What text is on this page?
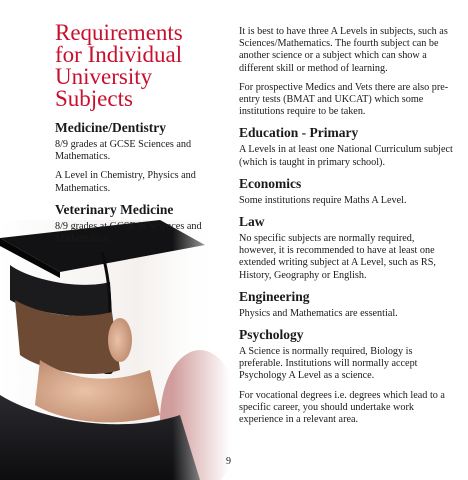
Requirements
for Individual
University
Subjects
Medicine/Dentistry

8/9 grades at GCSE Sciences and Mathematics.

A Level in Chemistry, Physics and Mathematics.

Veterinary Medicine

8/9 grades at GCSE in Sciences and Mathematics.

It is best to have three A Levels in subjects, such as Sciences/Mathematics. The fourth subject can be another science or a subject which can show a different skill or method of learning.

For prospective Medics and Vets there are also pre-entry tests (BMAT and UKCAT) which some institutions require to be taken.

Education - Primary

A Levels in at least one National Curriculum subject (which is taught in primary school).

Economics

Some institutions require Maths A Level.

Law

No specific subjects are normally required, however, it is recommended to have at least one extended writing subject at A Level, such as RS, History, Geography or English.

Engineering

Physics and Mathematics are essential.

Psychology

A Science is normally required, Biology is preferable. Institutions will normally accept Psychology A Level as a science.

For vocational degrees i.e. degrees which lead to a specific career, you should undertake work experience in a relevant area.

9
